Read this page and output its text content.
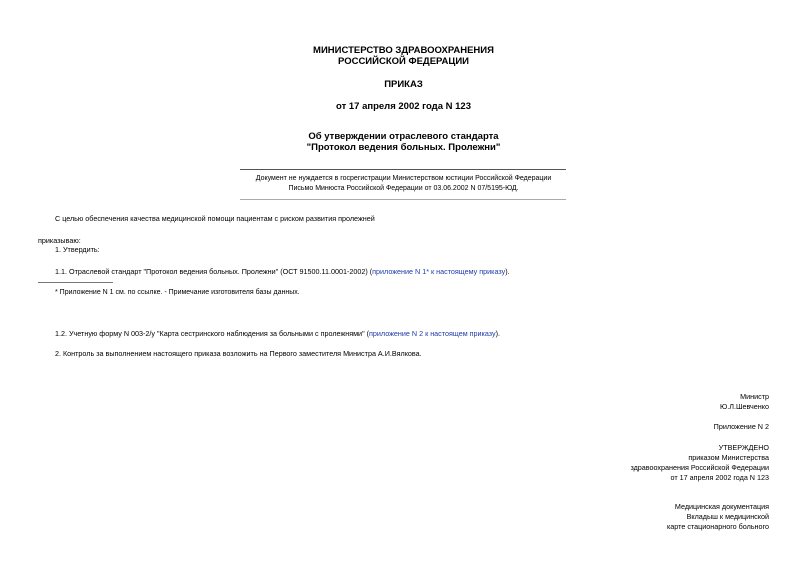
МИНИСТЕРСТВО ЗДРАВООХРАНЕНИЯ
РОССИЙСКОЙ ФЕДЕРАЦИИ
ПРИКАЗ
от 17 апреля 2002 года N 123
Об утверждении отраслевого стандарта
"Протокол ведения больных. Пролежни"
Документ не нуждается в госрегистрации Министерством юстиции Российской Федерации
Письмо Минюста Российской Федерации от 03.06.2002 N 07/5195-ЮД.
С целью обеспечения качества медицинской помощи пациентам с риском развития пролежней
приказываю:
1. Утвердить:
1.1. Отраслевой стандарт "Протокол ведения больных. Пролежни" (ОСТ 91500.11.0001-2002) (приложение N 1* к настоящему приказу).
* Приложение N 1 см. по ссылке. - Примечание изготовителя базы данных.
1.2. Учетную форму N 003-2/у "Карта сестринского наблюдения за больными с пролежнями" (приложение N 2 к настоящем приказу).
2. Контроль за выполнением настоящего приказа возложить на Первого заместителя Министра А.И.Вялкова.
Министр
Ю.Л.Шевченко
Приложение N 2
УТВЕРЖДЕНО
приказом Министерства
здравоохранения Российской Федерации
от 17 апреля 2002 года N 123
Медицинская документация
Вкладыш к медицинской
карте стационарного больного
